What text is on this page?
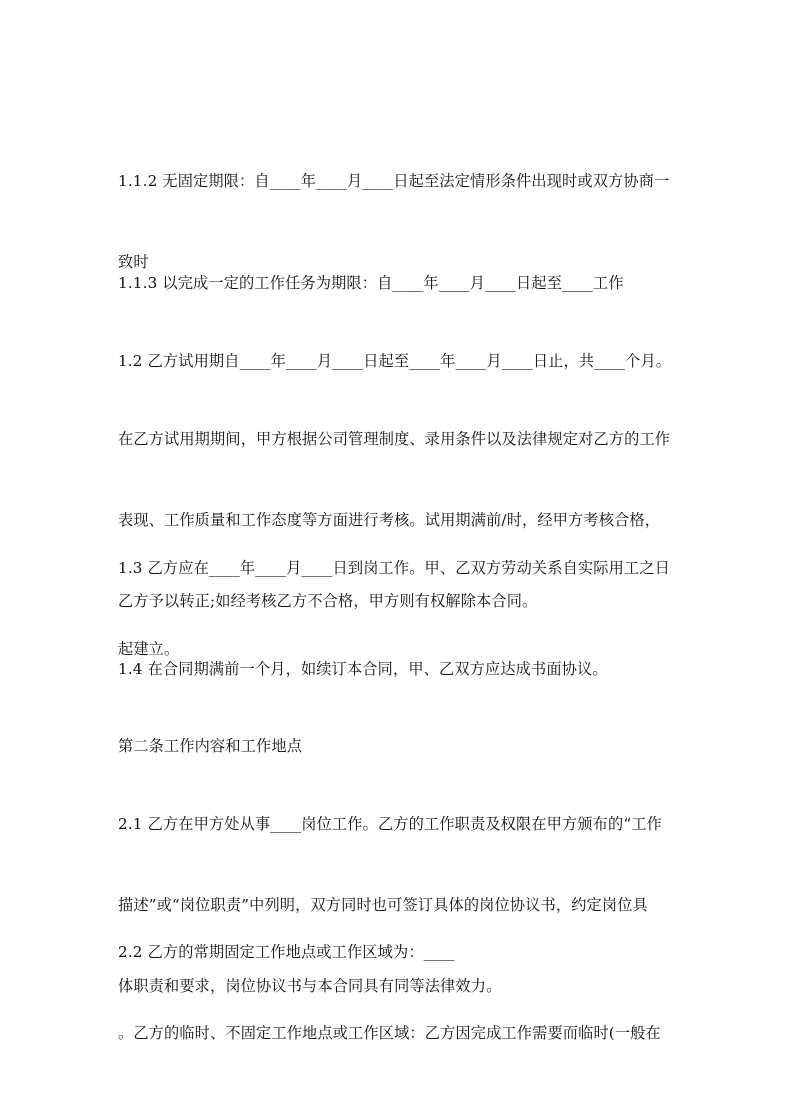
1.1.2 无固定期限：自____年____月____日起至法定情形条件出现时或双方协商一

致时

1.1.3 以完成一定的工作任务为期限：自____年____月____日起至____工作

1.2 乙方试用期自____年____月____日起至____年____月____日止，共____个月。

在乙方试用期期间，甲方根据公司管理制度、录用条件以及法律规定对乙方的工作

表现、工作质量和工作态度等方面进行考核。试用期满前/时，经甲方考核合格，

乙方予以转正;如经考核乙方不合格，甲方则有权解除本合同。

1.3 乙方应在____年____月____日到岗工作。甲、乙双方劳动关系自实际用工之日

起建立。

1.4 在合同期满前一个月，如续订本合同，甲、乙双方应达成书面协议。

第二条工作内容和工作地点

2.1 乙方在甲方处从事____岗位工作。乙方的工作职责及权限在甲方颁布的“工作

描述”或“岗位职责”中列明，双方同时也可签订具体的岗位协议书，约定岗位具

体职责和要求，岗位协议书与本合同具有同等法律效力。

2.2 乙方的常期固定工作地点或工作区域为：____

。乙方的临时、不固定工作地点或工作区域：乙方因完成工作需要而临时(一般在
